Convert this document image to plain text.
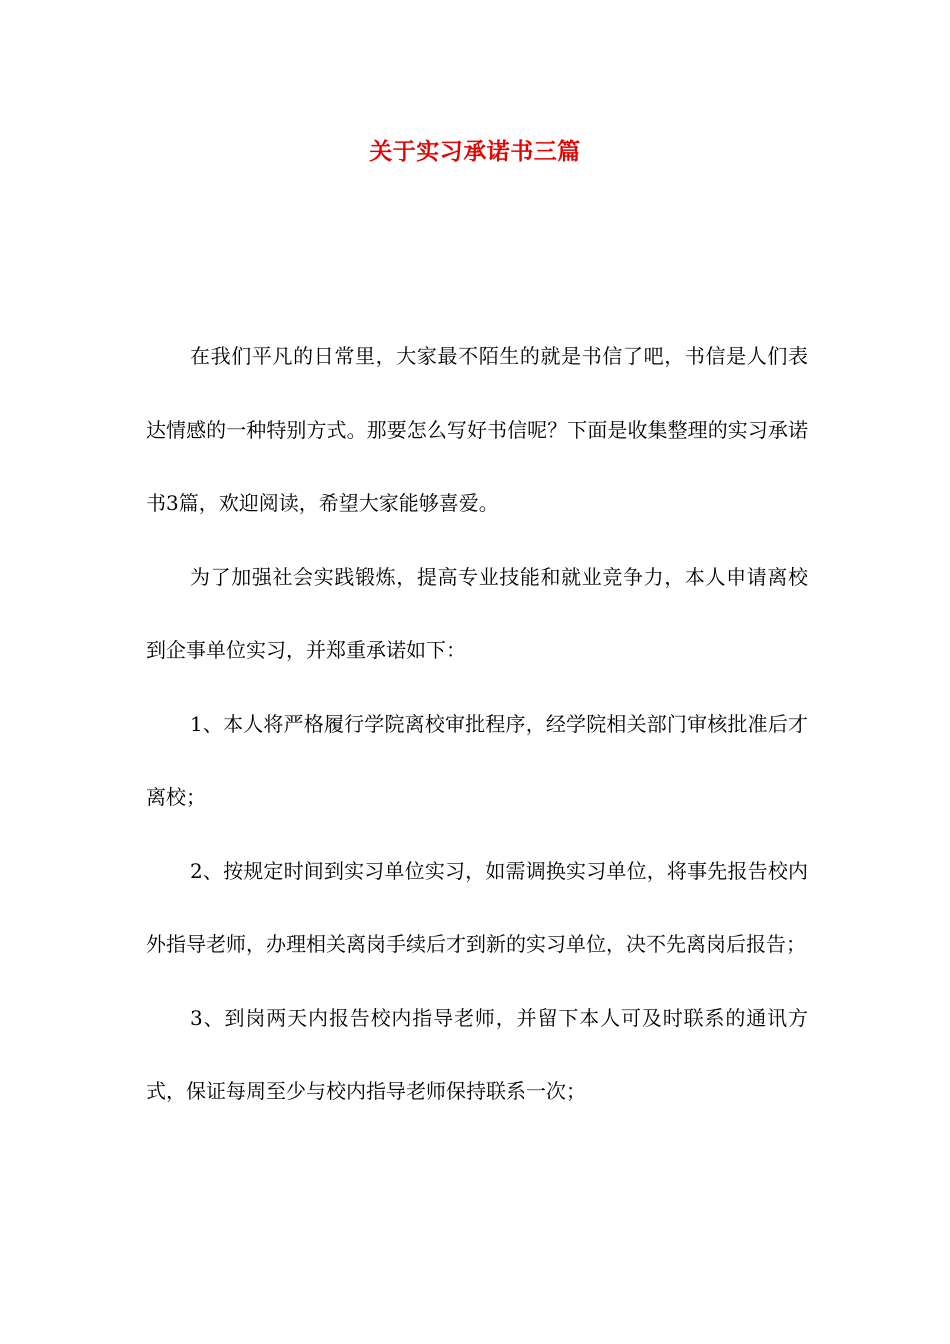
关于实习承诺书三篇

在我们平凡的日常里，大家最不陌生的就是书信了吧，书信是人们表达情感的一种特别方式。那要怎么写好书信呢？下面是收集整理的实习承诺书3篇，欢迎阅读，希望大家能够喜爱。

为了加强社会实践锻炼，提高专业技能和就业竞争力，本人申请离校到企事单位实习，并郑重承诺如下：

1、本人将严格履行学院离校审批程序，经学院相关部门审核批准后才离校；

2、按规定时间到实习单位实习，如需调换实习单位，将事先报告校内外指导老师，办理相关离岗手续后才到新的实习单位，决不先离岗后报告；

3、到岗两天内报告校内指导老师，并留下本人可及时联系的通讯方式，保证每周至少与校内指导老师保持联系一次；
